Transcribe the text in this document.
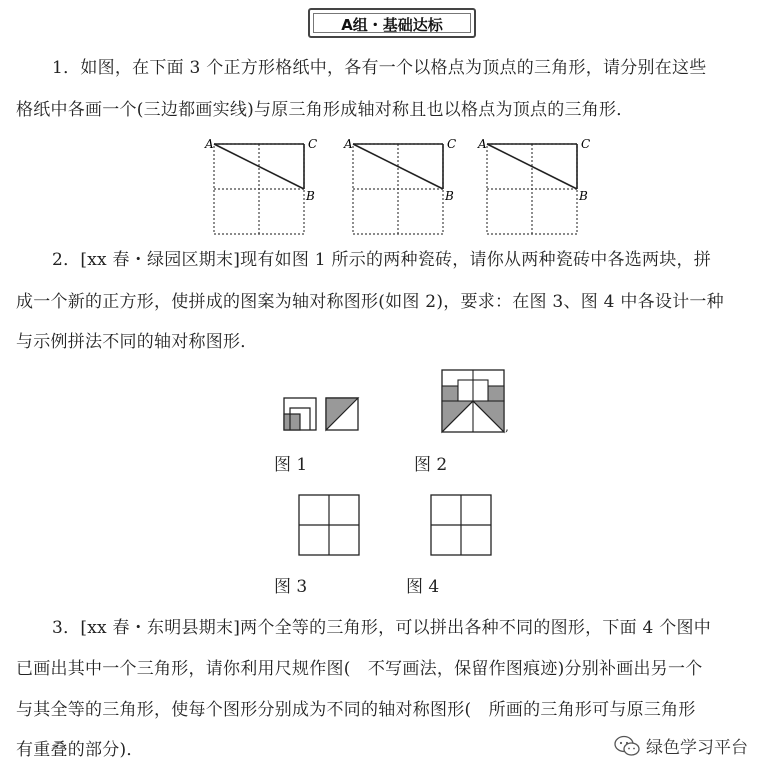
A组・基础达标
1．如图，在下面 3 个正方形格纸中，各有一个以格点为顶点的三角形，请分别在这些
格纸中各画一个(三边都画实线)与原三角形成轴对称且也以格点为顶点的三角形．
A	C
B
A	C
B
A	C
B
2．[xx 春・绿园区期末]现有如图 1 所示的两种瓷砖，请你从两种瓷砖中各选两块，拼
成一个新的正方形，使拼成的图案为轴对称图形(如图 2)，要求：在图 3、图 4 中各设计一种
与示例拼法不同的轴对称图形．
,
图 1	图 2
图 3	图 4
3．[xx 春・东明县期末]两个全等的三角形，可以拼出各种不同的图形，下面 4 个图中
已画出其中一个三角形，请你利用尺规作图(　不写画法，保留作图痕迹)分别补画出另一个
与其全等的三角形，使每个图形分别成为不同的轴对称图形(　所画的三角形可与原三角形
有重叠的部分)．	绿色学习平台
